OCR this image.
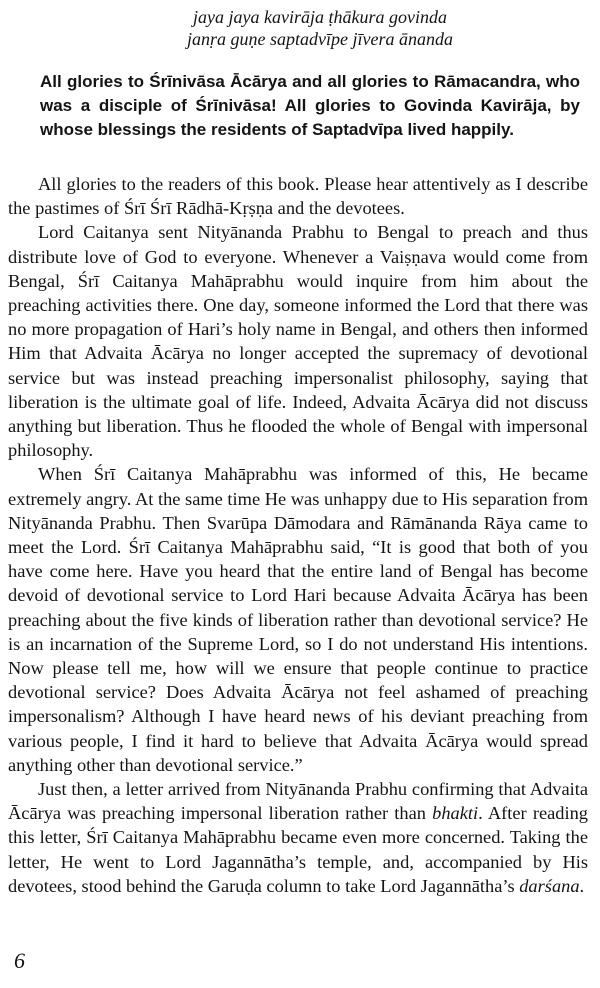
jaya jaya kavirāja ṭhākura govinda
janṛa guṇe saptadvīpe jīvera ānanda
All glories to Śrīnivāsa Ācārya and all glories to Rāmacandra, who was a disciple of Śrīnivāsa! All glories to Govinda Kavirāja, by whose blessings the residents of Saptadvīpa lived happily.

All glories to the readers of this book. Please hear attentively as I describe the pastimes of Śrī Śrī Rādhā-Kṛṣṇa and the devotees.

Lord Caitanya sent Nityānanda Prabhu to Bengal to preach and thus distribute love of God to everyone. Whenever a Vaiṣṇava would come from Bengal, Śrī Caitanya Mahāprabhu would inquire from him about the preaching activities there. One day, someone informed the Lord that there was no more propagation of Hari’s holy name in Bengal, and others then informed Him that Advaita Ācārya no longer accepted the supremacy of devotional service but was instead preaching impersonalist philosophy, saying that liberation is the ultimate goal of life. Indeed, Advaita Ācārya did not discuss anything but liberation. Thus he flooded the whole of Bengal with impersonal philosophy.

When Śrī Caitanya Mahāprabhu was informed of this, He became extremely angry. At the same time He was unhappy due to His separation from Nityānanda Prabhu. Then Svarūpa Dāmodara and Rāmānanda Rāya came to meet the Lord. Śrī Caitanya Mahāprabhu said, “It is good that both of you have come here. Have you heard that the entire land of Bengal has become devoid of devotional service to Lord Hari because Advaita Ācārya has been preaching about the five kinds of liberation rather than devotional service? He is an incarnation of the Supreme Lord, so I do not understand His intentions. Now please tell me, how will we ensure that people continue to practice devotional service? Does Advaita Ācārya not feel ashamed of preaching impersonalism? Although I have heard news of his deviant preaching from various people, I find it hard to believe that Advaita Ācārya would spread anything other than devotional service.”

Just then, a letter arrived from Nityānanda Prabhu confirming that Advaita Ācārya was preaching impersonal liberation rather than bhakti. After reading this letter, Śrī Caitanya Mahāprabhu became even more concerned. Taking the letter, He went to Lord Jagannātha’s temple, and, accompanied by His devotees, stood behind the Garuḍa column to take Lord Jagannātha’s darśana.

6
